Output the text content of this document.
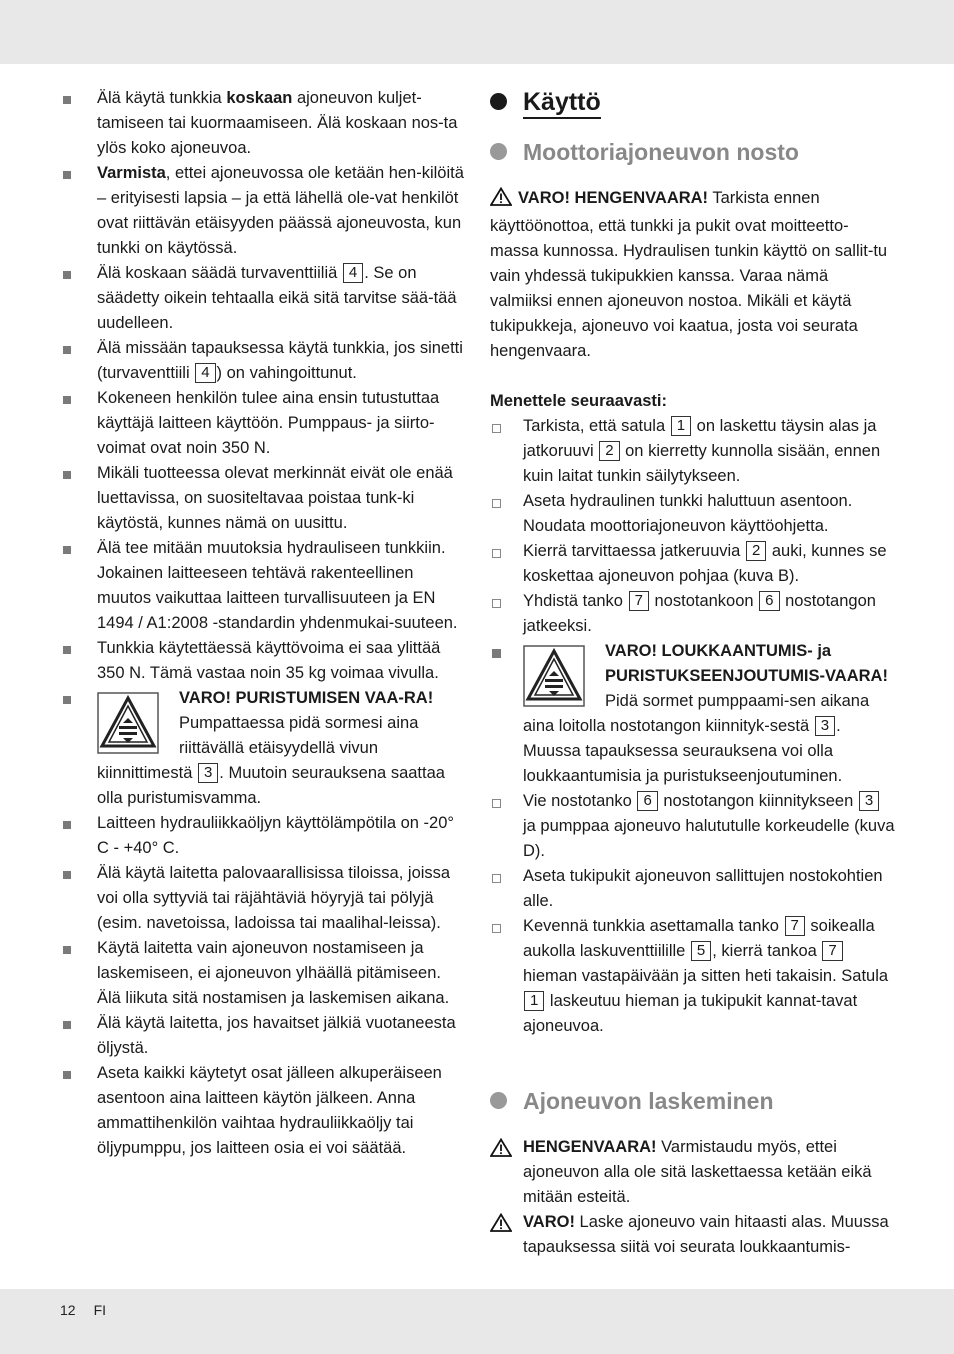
Älä käytä tunkkia koskaan ajoneuvon kuljet-tamiseen tai kuormaamiseen. Älä koskaan nos-ta ylös koko ajoneuvoa.
Varmista, ettei ajoneuvossa ole ketään hen-kilöitä – erityisesti lapsia – ja että lähellä ole-vat henkilöt ovat riittävän etäisyyden päässä ajoneuvosta, kun tunkki on käytössä.
Älä koskaan säädä turvaventtiiliä 4 . Se on säädetty oikein tehtaalla eikä sitä tarvitse sää-tää uudelleen.
Älä missään tapauksessa käytä tunkkia, jos sinetti (turvaventtiili 4 ) on vahingoittunut.
Kokeneen henkilön tulee aina ensin tutustuttaa käyttäjä laitteen käyttöön. Pumppaus- ja siirto-voimat ovat noin 350 N.
Mikäli tuotteessa olevat merkinnät eivät ole enää luettavissa, on suositeltavaa poistaa tunk-ki käytöstä, kunnes nämä on uusittu.
Älä tee mitään muutoksia hydrauliseen tunkkiin. Jokainen laitteeseen tehtävä rakenteellinen muutos vaikuttaa laitteen turvallisuuteen ja EN 1494 / A1:2008 -standardin yhdenmukai-suuteen.
Tunkkia käytettäessä käyttövoima ei saa ylittää 350 N. Tämä vastaa noin 35 kg voimaa vivulla.
VARO! PURISTUMISEN VAA-RA! Pumpattaessa pidä sormesi aina riittävällä etäisyydellä vivun kiinnittimestä 3 . Muutoin seurauksena saattaa olla puristumisvamma.
Laitteen hydrauliikkaöljyn käyttölämpötila on -20° C - +40° C.
Älä käytä laitetta palovaarallisissa tiloissa, joissa voi olla syttyviä tai räjähtäviä höyryjä tai pölyjä (esim. navetoissa, ladoissa tai maalihal-leissa).
Käytä laitetta vain ajoneuvon nostamiseen ja laskemiseen, ei ajoneuvon ylhäällä pitämiseen. Älä liikuta sitä nostamisen ja laskemisen aikana.
Älä käytä laitetta, jos havaitset jälkiä vuotaneesta öljystä.
Aseta kaikki käytetyt osat jälleen alkuperäiseen asentoon aina laitteen käytön jälkeen. Anna ammattihenkilön vaihtaa hydrauliikkaöljy tai öljypumppu, jos laitteen osia ei voi säätää.
Käyttö
Moottoriajoneuvon nosto

VARO! HENGENVAARA! Tarkista ennen käyttöönottoa, että tunkki ja pukit ovat moitteetto-massa kunnossa. Hydraulisen tunkin käyttö on sallit-tu vain yhdessä tukipukkien kanssa. Varaa nämä valmiiksi ennen ajoneuvon nostoa. Mikäli et käytä tukipukkeja, ajoneuvo voi kaatua, josta voi seurata hengenvaara.

Menettele seuraavasti:

Tarkista, että satula 1 on laskettu täysin alas ja jatkoruuvi 2 on kierretty kunnolla sisään, ennen kuin laitat tunkin säilytykseen.
Aseta hydraulinen tunkki haluttuun asentoon. Noudata moottoriajoneuvon käyttöohjetta.
Kierrä tarvittaessa jatkeruuvia 2 auki, kunnes se koskettaa ajoneuvon pohjaa (kuva B).
Yhdistä tanko 7 nostotankoon 6 nostotangon jatkeeksi.
VARO! LOUKKAANTUMIS- ja PURISTUKSEENJOUTUMIS-VAARA! Pidä sormet pumppaami-sen aikana aina loitolla nostotangon kiinnityk-sestä 3 . Muussa tapauksessa seurauksena voi olla loukkaantumisia ja puristukseenjoutuminen.
Vie nostotanko 6 nostotangon kiinnitykseen 3 ja pumppaa ajoneuvo halututulle korkeudelle (kuva D).
Aseta tukipukit ajoneuvon sallittujen nostokohtien alle.
Kevennä tunkkia asettamalla tanko 7 soikealla aukolla laskuventtiilille 5 , kierrä tankoa 7 hieman vastapäivään ja sitten heti takaisin. Satula 1 laskeutuu hieman ja tukipukit kannat-tavat ajoneuvoa.
Ajoneuvon laskeminen

HENGENVAARA! Varmistaudu myös, ettei ajoneuvon alla ole sitä laskettaessa ketään eikä mitään esteitä.

VARO! Laske ajoneuvo vain hitaasti alas. Muussa tapauksessa siitä voi seurata loukkaantumis-

12 FI
